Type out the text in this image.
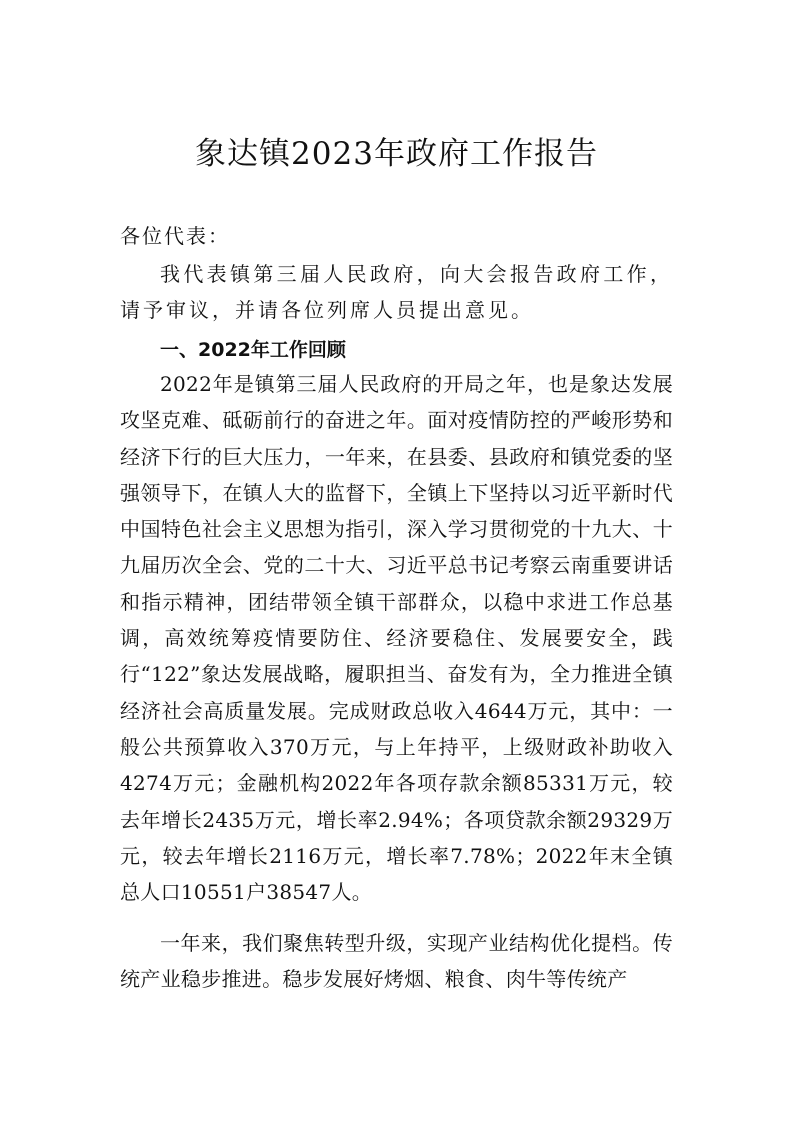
象达镇2023年政府工作报告

各位代表：

我代表镇第三届人民政府，向大会报告政府工作，请予审议，并请各位列席人员提出意见。

一、2022年工作回顾

2022年是镇第三届人民政府的开局之年，也是象达发展攻坚克难、砥砺前行的奋进之年。面对疫情防控的严峻形势和经济下行的巨大压力，一年来，在县委、县政府和镇党委的坚强领导下，在镇人大的监督下，全镇上下坚持以习近平新时代中国特色社会主义思想为指引，深入学习贯彻党的十九大、十九届历次全会、党的二十大、习近平总书记考察云南重要讲话和指示精神，团结带领全镇干部群众，以稳中求进工作总基调，高效统筹疫情要防住、经济要稳住、发展要安全，践行“122”象达发展战略，履职担当、奋发有为，全力推进全镇经济社会高质量发展。完成财政总收入4644万元，其中：一般公共预算收入370万元，与上年持平，上级财政补助收入4274万元；金融机构2022年各项存款余额85331万元，较去年增长2435万元，增长率2.94%；各项贷款余额29329万元，较去年增长2116万元，增长率7.78%；2022年末全镇总人口10551户38547人。

一年来，我们聚焦转型升级，实现产业结构优化提档。传统产业稳步推进。稳步发展好烤烟、粮食、肉牛等传统产
